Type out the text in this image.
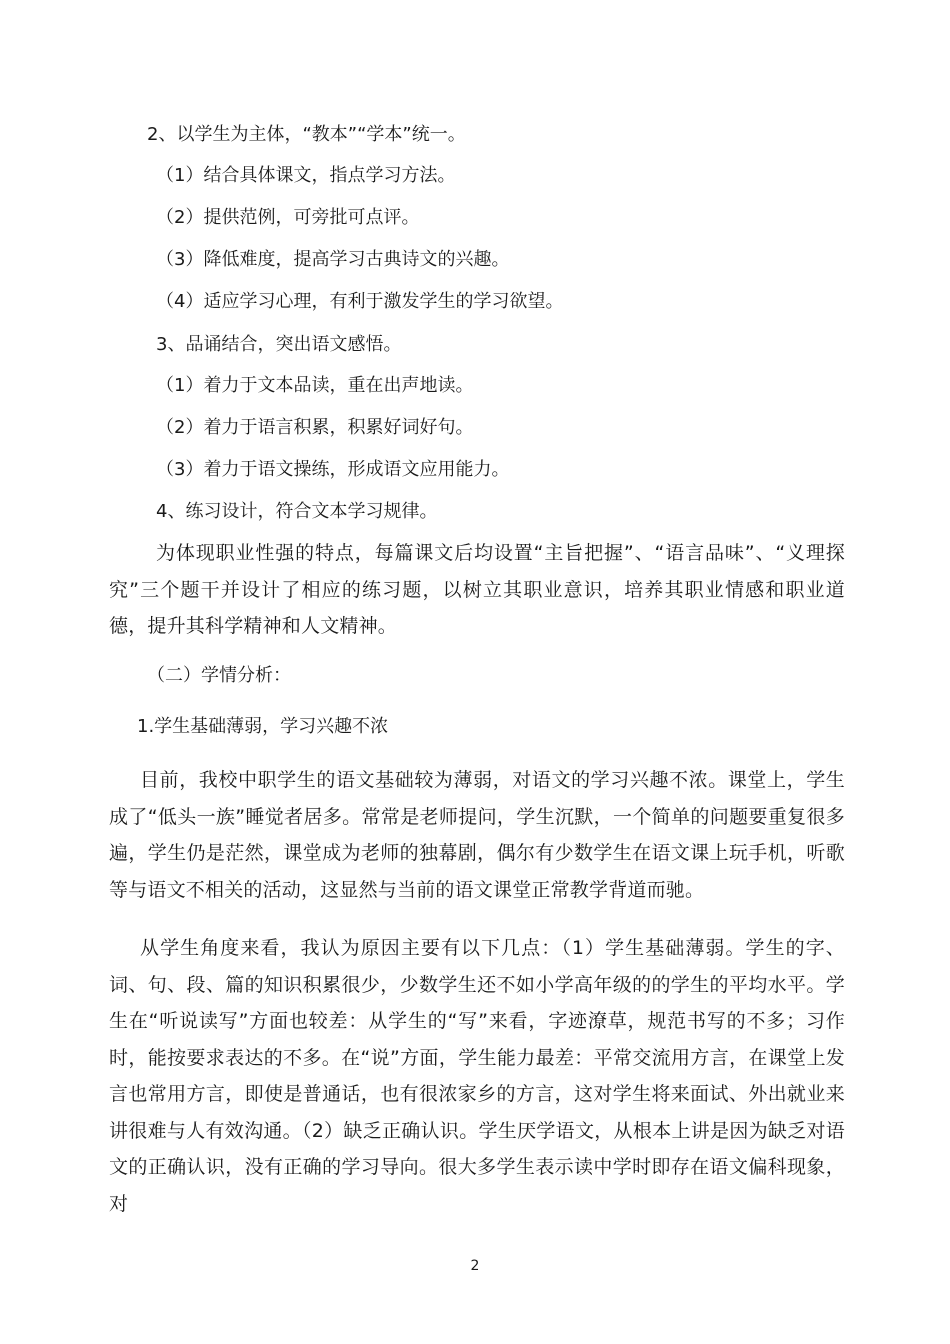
2、以学生为主体，“教本”“学本”统一。
（1）结合具体课文，指点学习方法。
（2）提供范例，可旁批可点评。
（3）降低难度，提高学习古典诗文的兴趣。
（4）适应学习心理，有利于激发学生的学习欲望。
3、品诵结合，突出语文感悟。
（1）着力于文本品读，重在出声地读。
（2）着力于语言积累，积累好词好句。
（3）着力于语文操练，形成语文应用能力。
4、练习设计，符合文本学习规律。
为体现职业性强的特点，每篇课文后均设置“主旨把握”、“语言品味”、“义理探究”三个题干并设计了相应的练习题，以树立其职业意识，培养其职业情感和职业道德，提升其科学精神和人文精神。
（二）学情分析：
1.学生基础薄弱，学习兴趣不浓
目前，我校中职学生的语文基础较为薄弱，对语文的学习兴趣不浓。课堂上，学生成了“低头一族”睡觉者居多。常常是老师提问，学生沉默，一个简单的问题要重复很多遍，学生仍是茫然，课堂成为老师的独幕剧，偶尔有少数学生在语文课上玩手机，听歌等与语文不相关的活动，这显然与当前的语文课堂正常教学背道而驰。
从学生角度来看，我认为原因主要有以下几点：（1）学生基础薄弱。学生的字、词、句、段、篇的知识积累很少，少数学生还不如小学高年级的的学生的平均水平。学生在“听说读写”方面也较差：从学生的“写”来看，字迹潦草，规范书写的不多；习作时，能按要求表达的不多。在“说”方面，学生能力最差：平常交流用方言，在课堂上发言也常用方言，即使是普通话，也有很浓家乡的方言，这对学生将来面试、外出就业来讲很难与人有效沟通。（2）缺乏正确认识。学生厌学语文，从根本上讲是因为缺乏对语文的正确认识，没有正确的学习导向。很大多学生表示读中学时即存在语文偏科现象，对
2
